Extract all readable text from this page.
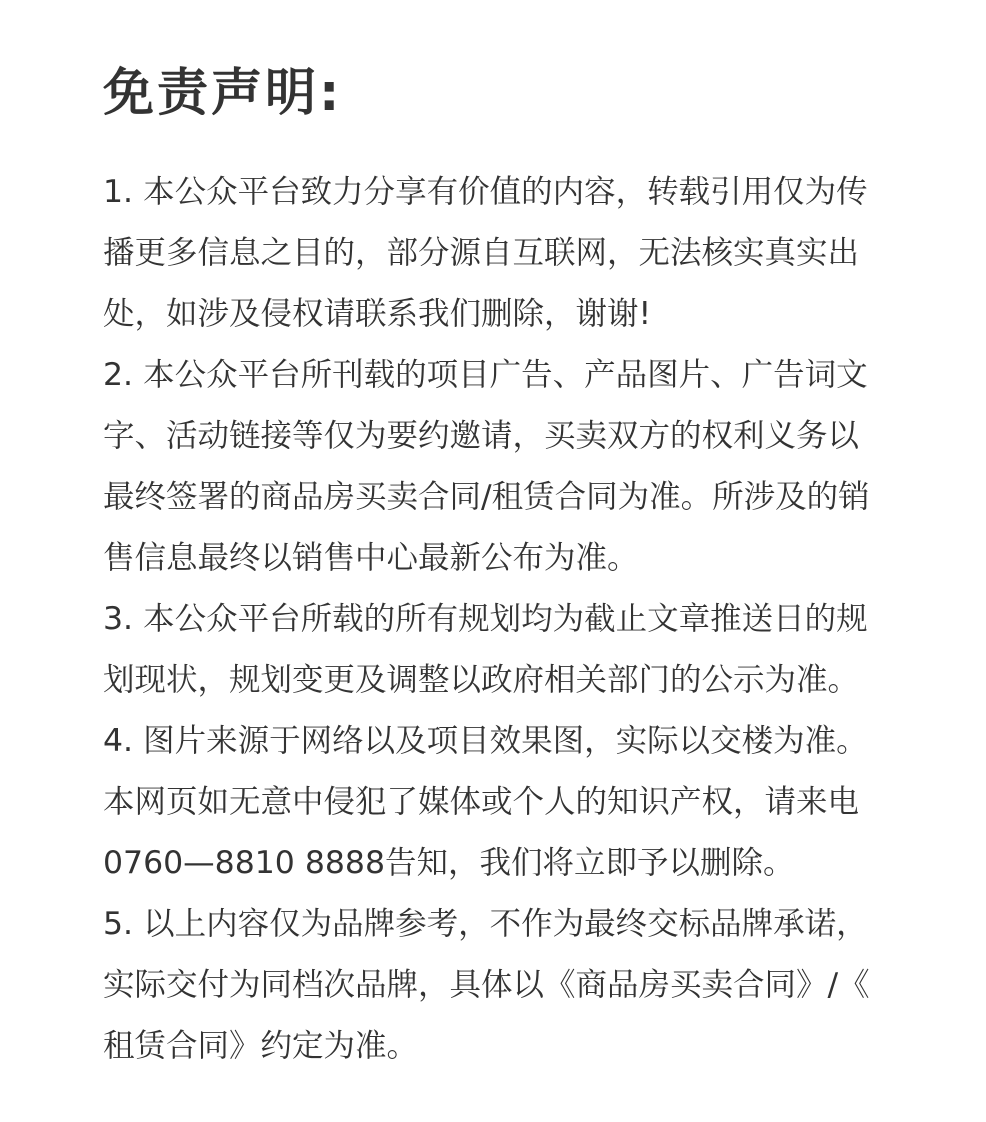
免责声明:

1. 本公众平台致力分享有价值的内容，转载引用仅为传
播更多信息之目的，部分源自互联网，无法核实真实出
处，如涉及侵权请联系我们删除，谢谢!

2. 本公众平台所刊载的项目广告、产品图片、广告词文
字、活动链接等仅为要约邀请，买卖双方的权利义务以
最终签署的商品房买卖合同/租赁合同为准。所涉及的销
售信息最终以销售中心最新公布为准。

3. 本公众平台所载的所有规划均为截止文章推送日的规
划现状，规划变更及调整以政府相关部门的公示为准。

4. 图片来源于网络以及项目效果图，实际以交楼为准。
本网页如无意中侵犯了媒体或个人的知识产权，请来电
0760—8810 8888告知，我们将立即予以删除。

5. 以上内容仅为品牌参考，不作为最终交标品牌承诺，
实际交付为同档次品牌，具体以《商品房买卖合同》/《
租赁合同》约定为准。
